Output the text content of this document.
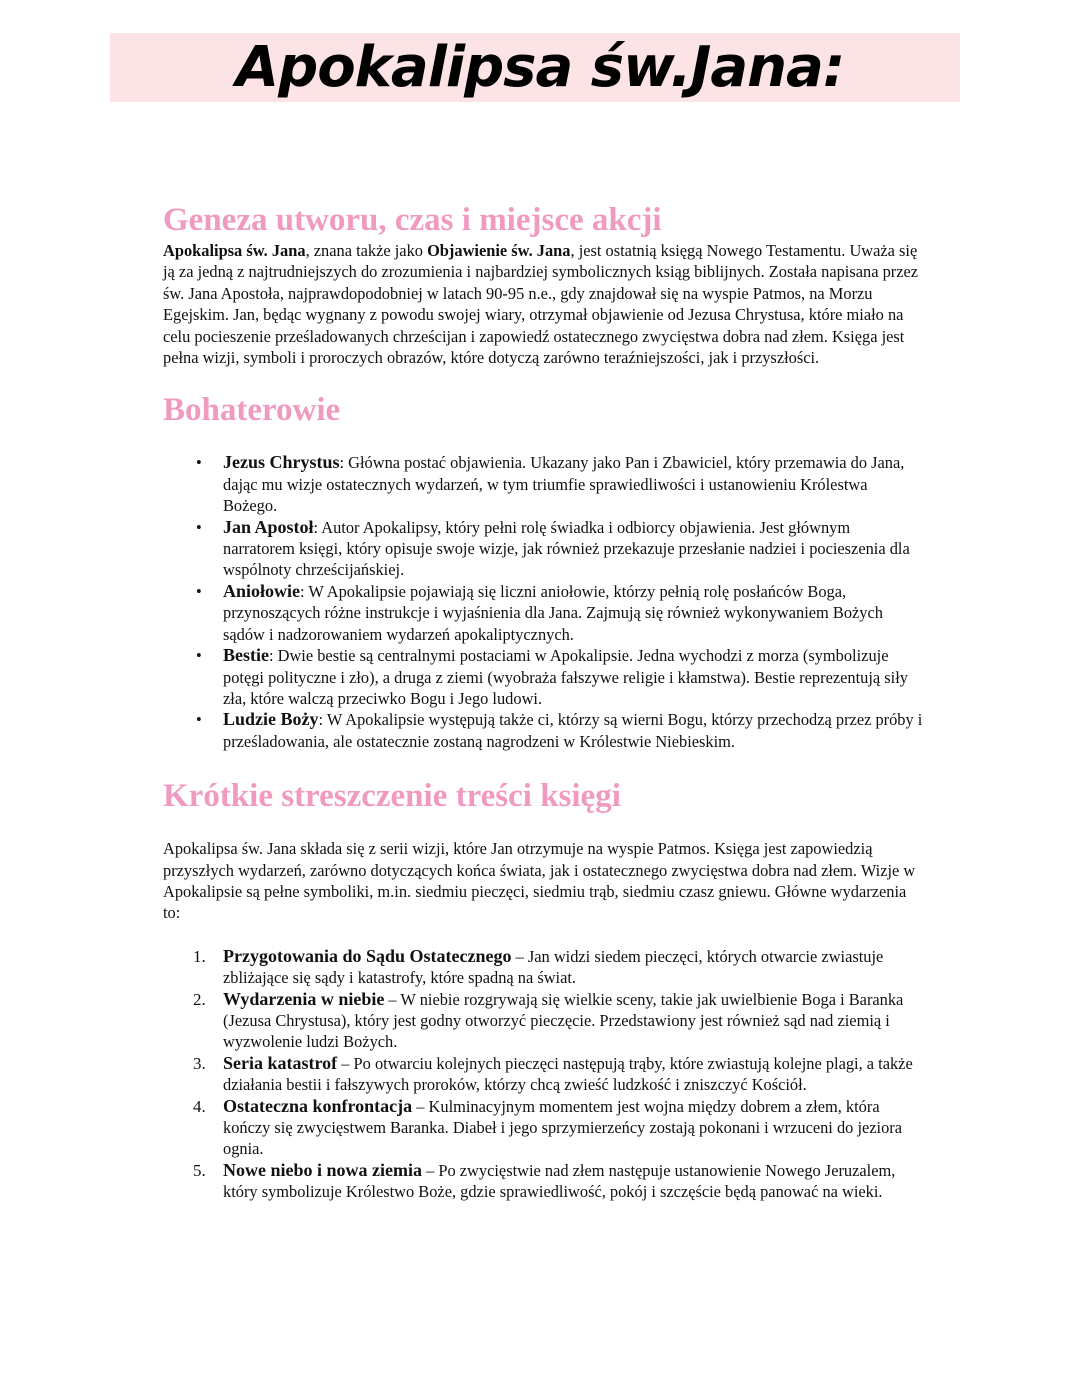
Apokalipsa św.Jana:
Geneza utworu, czas i miejsce akcji

Apokalipsa św. Jana, znana także jako Objawienie św. Jana, jest ostatnią księgą Nowego Testamentu. Uważa się ją za jedną z najtrudniejszych do zrozumienia i najbardziej symbolicznych ksiąg biblijnych. Została napisana przez św. Jana Apostoła, najprawdopodobniej w latach 90-95 n.e., gdy znajdował się na wyspie Patmos, na Morzu Egejskim. Jan, będąc wygnany z powodu swojej wiary, otrzymał objawienie od Jezusa Chrystusa, które miało na celu pocieszenie prześladowanych chrześcijan i zapowiedź ostatecznego zwycięstwa dobra nad złem. Księga jest pełna wizji, symboli i proroczych obrazów, które dotyczą zarówno teraźniejszości, jak i przyszłości.

Bohaterowie
• Jezus Chrystus: Główna postać objawienia. Ukazany jako Pan i Zbawiciel, który przemawia do Jana, dając mu wizje ostatecznych wydarzeń, w tym triumfie sprawiedliwości i ustanowieniu Królestwa Bożego.
• Jan Apostoł: Autor Apokalipsy, który pełni rolę świadka i odbiorcy objawienia. Jest głównym narratorem księgi, który opisuje swoje wizje, jak również przekazuje przesłanie nadziei i pocieszenia dla wspólnoty chrześcijańskiej.
• Aniołowie: W Apokalipsie pojawiają się liczni aniołowie, którzy pełnią rolę posłańców Boga, przynoszących różne instrukcje i wyjaśnienia dla Jana. Zajmują się również wykonywaniem Bożych sądów i nadzorowaniem wydarzeń apokaliptycznych.
• Bestie: Dwie bestie są centralnymi postaciami w Apokalipsie. Jedna wychodzi z morza (symbolizuje potęgi polityczne i zło), a druga z ziemi (wyobraża fałszywe religie i kłamstwa). Bestie reprezentują siły zła, które walczą przeciwko Bogu i Jego ludowi.
• Ludzie Boży: W Apokalipsie występują także ci, którzy są wierni Bogu, którzy przechodzą przez próby i prześladowania, ale ostatecznie zostaną nagrodzeni w Królestwie Niebieskim.
Krótkie streszczenie treści księgi

Apokalipsa św. Jana składa się z serii wizji, które Jan otrzymuje na wyspie Patmos. Księga jest zapowiedzią przyszłych wydarzeń, zarówno dotyczących końca świata, jak i ostatecznego zwycięstwa dobra nad złem. Wizje w Apokalipsie są pełne symboliki, m.in. siedmiu pieczęci, siedmiu trąb, siedmiu czasz gniewu. Główne wydarzenia to:

1. Przygotowania do Sądu Ostatecznego – Jan widzi siedem pieczęci, których otwarcie zwiastuje zbliżające się sądy i katastrofy, które spadną na świat.
2. Wydarzenia w niebie – W niebie rozgrywają się wielkie sceny, takie jak uwielbienie Boga i Baranka (Jezusa Chrystusa), który jest godny otworzyć pieczęcie. Przedstawiony jest również sąd nad ziemią i wyzwolenie ludzi Bożych.
3. Seria katastrof – Po otwarciu kolejnych pieczęci następują trąby, które zwiastują kolejne plagi, a także działania bestii i fałszywych proroków, którzy chcą zwieść ludzkość i zniszczyć Kościół.
4. Ostateczna konfrontacja – Kulminacyjnym momentem jest wojna między dobrem a złem, która kończy się zwycięstwem Baranka. Diabeł i jego sprzymierzeńcy zostają pokonani i wrzuceni do jeziora ognia.
5. Nowe niebo i nowa ziemia – Po zwycięstwie nad złem następuje ustanowienie Nowego Jeruzalem, który symbolizuje Królestwo Boże, gdzie sprawiedliwość, pokój i szczęście będą panować na wieki.
